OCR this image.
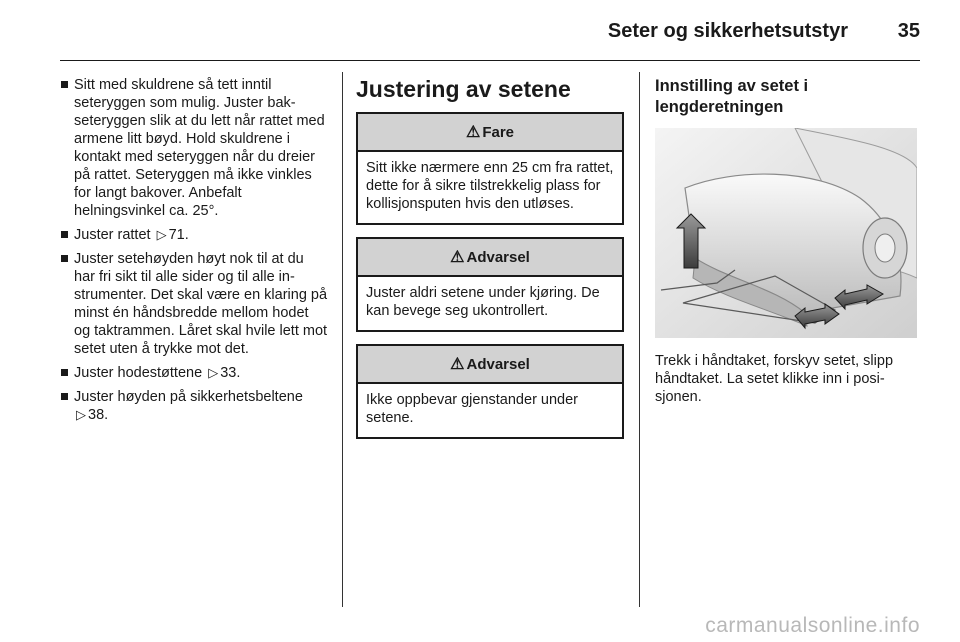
Seter og sikkerhetsutstyr 35
Sitt med skuldrene så tett inntil seteryggen som mulig. Juster bakseteryggen slik at du lett når rattet med armene litt bøyd. Hold skuldrene i kontakt med seteryggen når du dreier på rattet. Seteryggen må ikke vinkles for langt bakover. Anbefalt helningsvinkel ca. 25°.
Juster rattet ▷ 71.
Juster setehøyden høyt nok til at du har fri sikt til alle sider og til alle instrumenter. Det skal være en klaring på minst én håndsbredde mellom hodet og taktrammen. Låret skal hvile lett mot setet uten å trykke mot det.
Juster hodestøttene ▷ 33.
Juster høyden på sikkerhetsbeltene ▷ 38.
Justering av setene
⚠ Fare
Sitt ikke nærmere enn 25 cm fra rattet, dette for å sikre tilstrekkelig plass for kollisjonsputen hvis den utløses.
⚠ Advarsel
Juster aldri setene under kjøring. De kan bevege seg ukontrollert.
⚠ Advarsel
Ikke oppbevar gjenstander under setene.
Innstilling av setet i lengderetningen

Trekk i håndtaket, forskyv setet, slipp håndtaket. La setet klikke inn i posisjonen.

carmanualsonline.info
